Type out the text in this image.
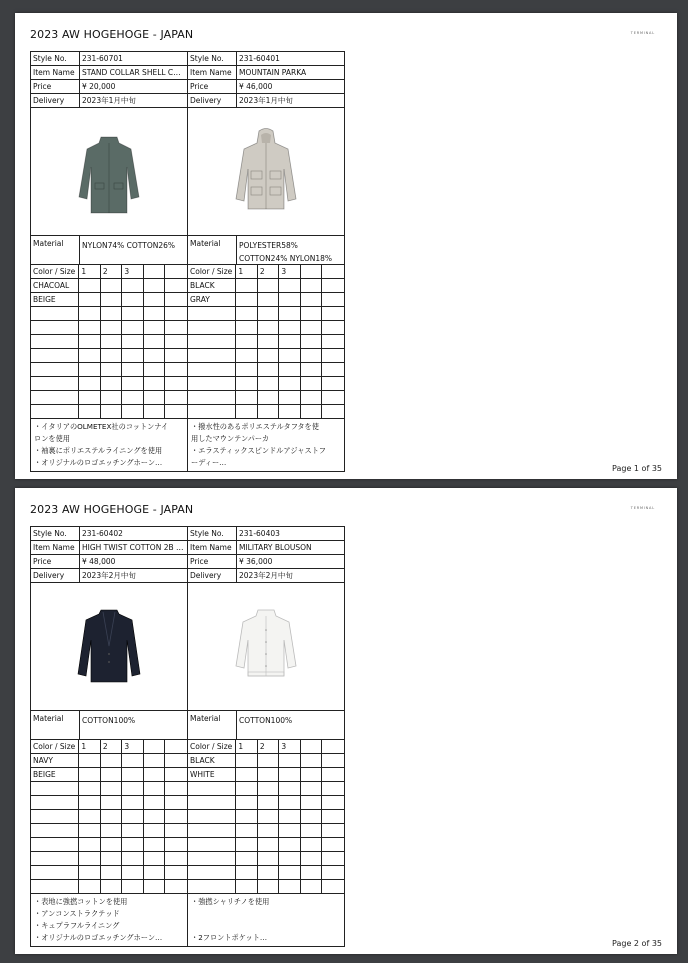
2023 AW HOGEHOGE - JAPAN	TERMINAL
Style No.	231-60701
Item Name STAND COLLAR SHELL C…
Price	¥ 20,000
Delivery	2023年1月中旬
Material	NYLON74% COTTON26%
Color / Size 1	2	3
CHACOAL
BEIGE
・イタリアのOLMETEX社のコットンナイ
ロンを使用
・袖裏にポリエステルライニングを使用
・オリジナルのロゴエッチングホーン…
Style No.	231-60401
Item Name MOUNTAIN PARKA
Price	¥ 46,000
Delivery	2023年1月中旬
Material	POLYESTER58%
COTTON24% NYLON18%
Color / Size 1	2	3
BLACK
GRAY
・撥水性のあるポリエステルタフタを使
用したマウンテンパーカ
・エラスティックスピンドルアジャストフ
ーディー…
Page 1 of 35
2023 AW HOGEHOGE - JAPAN	TERMINAL
Style No.	231-60402
Item Name HIGH TWIST COTTON 2B …
Price	¥ 48,000
Delivery	2023年2月中旬
Material	COTTON100%
Color / Size 1	2	3
NAVY
BEIGE
・表地に強撚コットンを使用
・アンコンストラクテッド
・キュプラフルライニング
・オリジナルのロゴエッチングホーン…
Style No.	231-60403
Item Name MILITARY BLOUSON
Price	¥ 36,000
Delivery	2023年2月中旬
Material	COTTON100%
Color / Size 1	2	3
BLACK
WHITE
・強撚シャリチノを使用

・2フロントポケット…
Page 2 of 35
